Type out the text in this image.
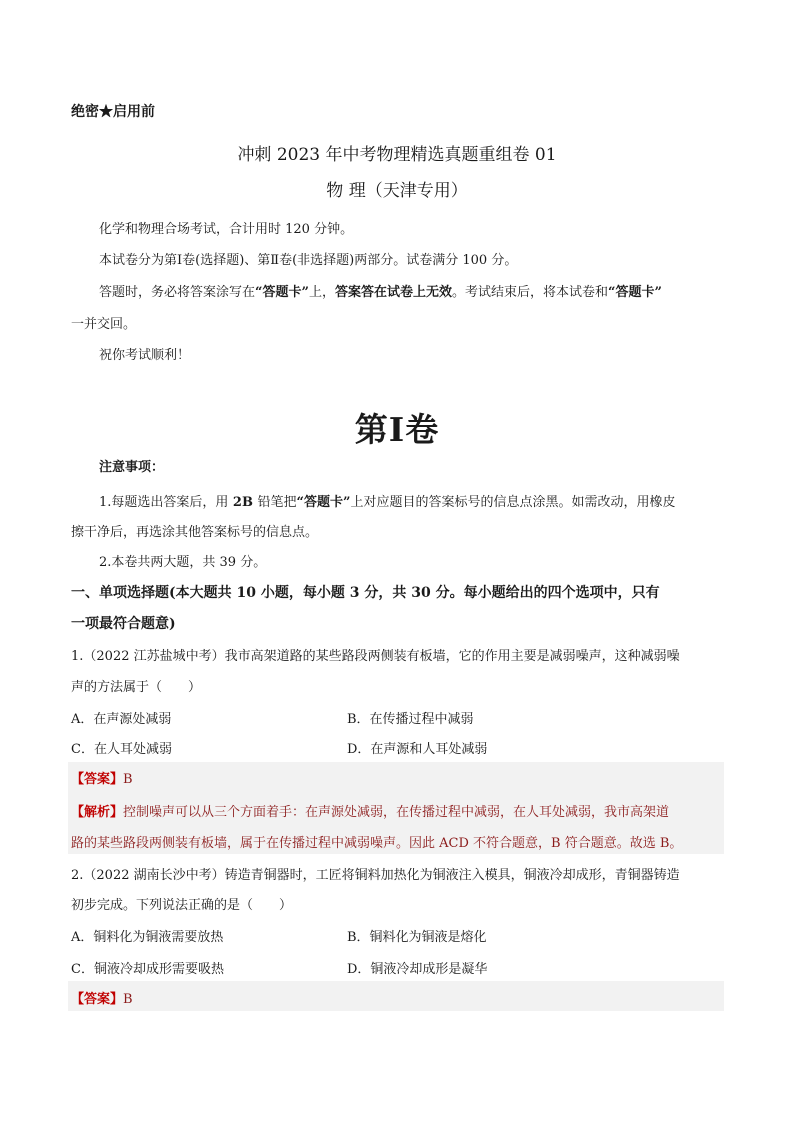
绝密★启用前
冲刺 2023 年中考物理精选真题重组卷 01
物 理（天津专用）
化学和物理合场考试，合计用时 120 分钟。
本试卷分为第Ⅰ卷(选择题)、第Ⅱ卷(非选择题)两部分。试卷满分 100 分。
答题时，务必将答案涂写在“答题卡”上，答案答在试卷上无效。考试结束后，将本试卷和“答题卡”
一并交回。
祝你考试顺利！
第Ⅰ卷
注意事项：
1.每题选出答案后，用 2B 铅笔把“答题卡”上对应题目的答案标号的信息点涂黑。如需改动，用橡皮
擦干净后，再选涂其他答案标号的信息点。
2.本卷共两大题，共 39 分。
一、单项选择题(本大题共 10 小题，每小题 3 分，共 30 分。每小题给出的四个选项中，只有
一项最符合题意)
1.（2022 江苏盐城中考）我市高架道路的某些路段两侧装有板墙，它的作用主要是减弱噪声，这种减弱噪
声的方法属于（　　）
A．在声源处减弱	B．在传播过程中减弱
C．在人耳处减弱	D．在声源和人耳处减弱
【答案】B
【解析】控制噪声可以从三个方面着手：在声源处减弱，在传播过程中减弱，在人耳处减弱，我市高架道
路的某些路段两侧装有板墙，属于在传播过程中减弱噪声。因此 ACD 不符合题意，B 符合题意。故选 B。
2.（2022 湖南长沙中考）铸造青铜器时，工匠将铜料加热化为铜液注入模具，铜液冷却成形，青铜器铸造
初步完成。下列说法正确的是（　　）
A．铜料化为铜液需要放热	B．铜料化为铜液是熔化
C．铜液冷却成形需要吸热	D．铜液冷却成形是凝华
【答案】B
